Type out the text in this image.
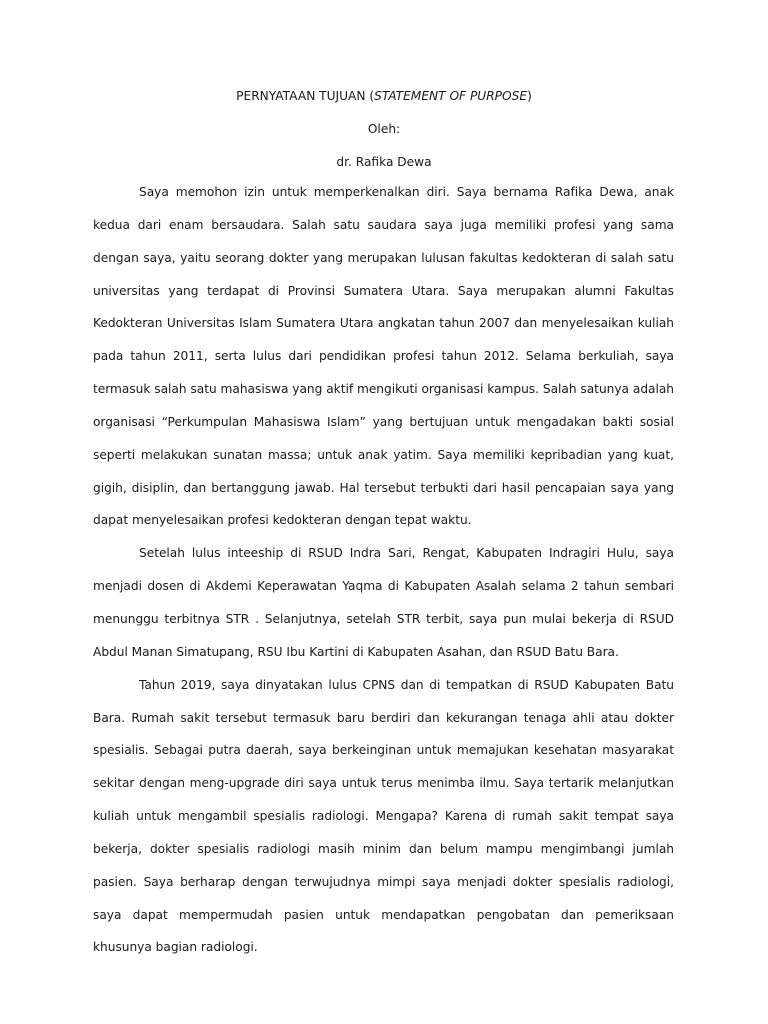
PERNYATAAN TUJUAN (STATEMENT OF PURPOSE)
Oleh:
dr. Rafika Dewa

Saya memohon izin untuk memperkenalkan diri. Saya bernama Rafika Dewa, anak kedua dari enam bersaudara. Salah satu saudara saya juga memiliki profesi yang sama dengan saya, yaitu seorang dokter yang merupakan lulusan fakultas kedokteran di salah satu universitas yang terdapat di Provinsi Sumatera Utara. Saya merupakan alumni Fakultas Kedokteran Universitas Islam Sumatera Utara angkatan tahun 2007 dan menyelesaikan kuliah pada tahun 2011, serta lulus dari pendidikan profesi tahun 2012. Selama berkuliah, saya termasuk salah satu mahasiswa yang aktif mengikuti organisasi kampus. Salah satunya adalah organisasi “Perkumpulan Mahasiswa Islam” yang bertujuan untuk mengadakan bakti sosial seperti melakukan sunatan massa; untuk anak yatim. Saya memiliki kepribadian yang kuat, gigih, disiplin, dan bertanggung jawab. Hal tersebut terbukti dari hasil pencapaian saya yang dapat menyelesaikan profesi kedokteran dengan tepat waktu.

Setelah lulus inteeship di RSUD Indra Sari, Rengat, Kabupaten Indragiri Hulu, saya menjadi dosen di Akdemi Keperawatan Yaqma di Kabupaten Asalah selama 2 tahun sembari menunggu terbitnya STR . Selanjutnya, setelah STR terbit, saya pun mulai bekerja di RSUD Abdul Manan Simatupang, RSU Ibu Kartini di Kabupaten Asahan, dan RSUD Batu Bara.

Tahun 2019, saya dinyatakan lulus CPNS dan di tempatkan di RSUD Kabupaten Batu Bara. Rumah sakit tersebut termasuk baru berdiri dan kekurangan tenaga ahli atau dokter spesialis. Sebagai putra daerah, saya berkeinginan untuk memajukan kesehatan masyarakat sekitar dengan meng-upgrade diri saya untuk terus menimba ilmu. Saya tertarik melanjutkan kuliah untuk mengambil spesialis radiologi. Mengapa? Karena di rumah sakit tempat saya bekerja, dokter spesialis radiologi masih minim dan belum mampu mengimbangi jumlah pasien. Saya berharap dengan terwujudnya mimpi saya menjadi dokter spesialis radiologi, saya dapat mempermudah pasien untuk mendapatkan pengobatan dan pemeriksaan khusunya bagian radiologi.
